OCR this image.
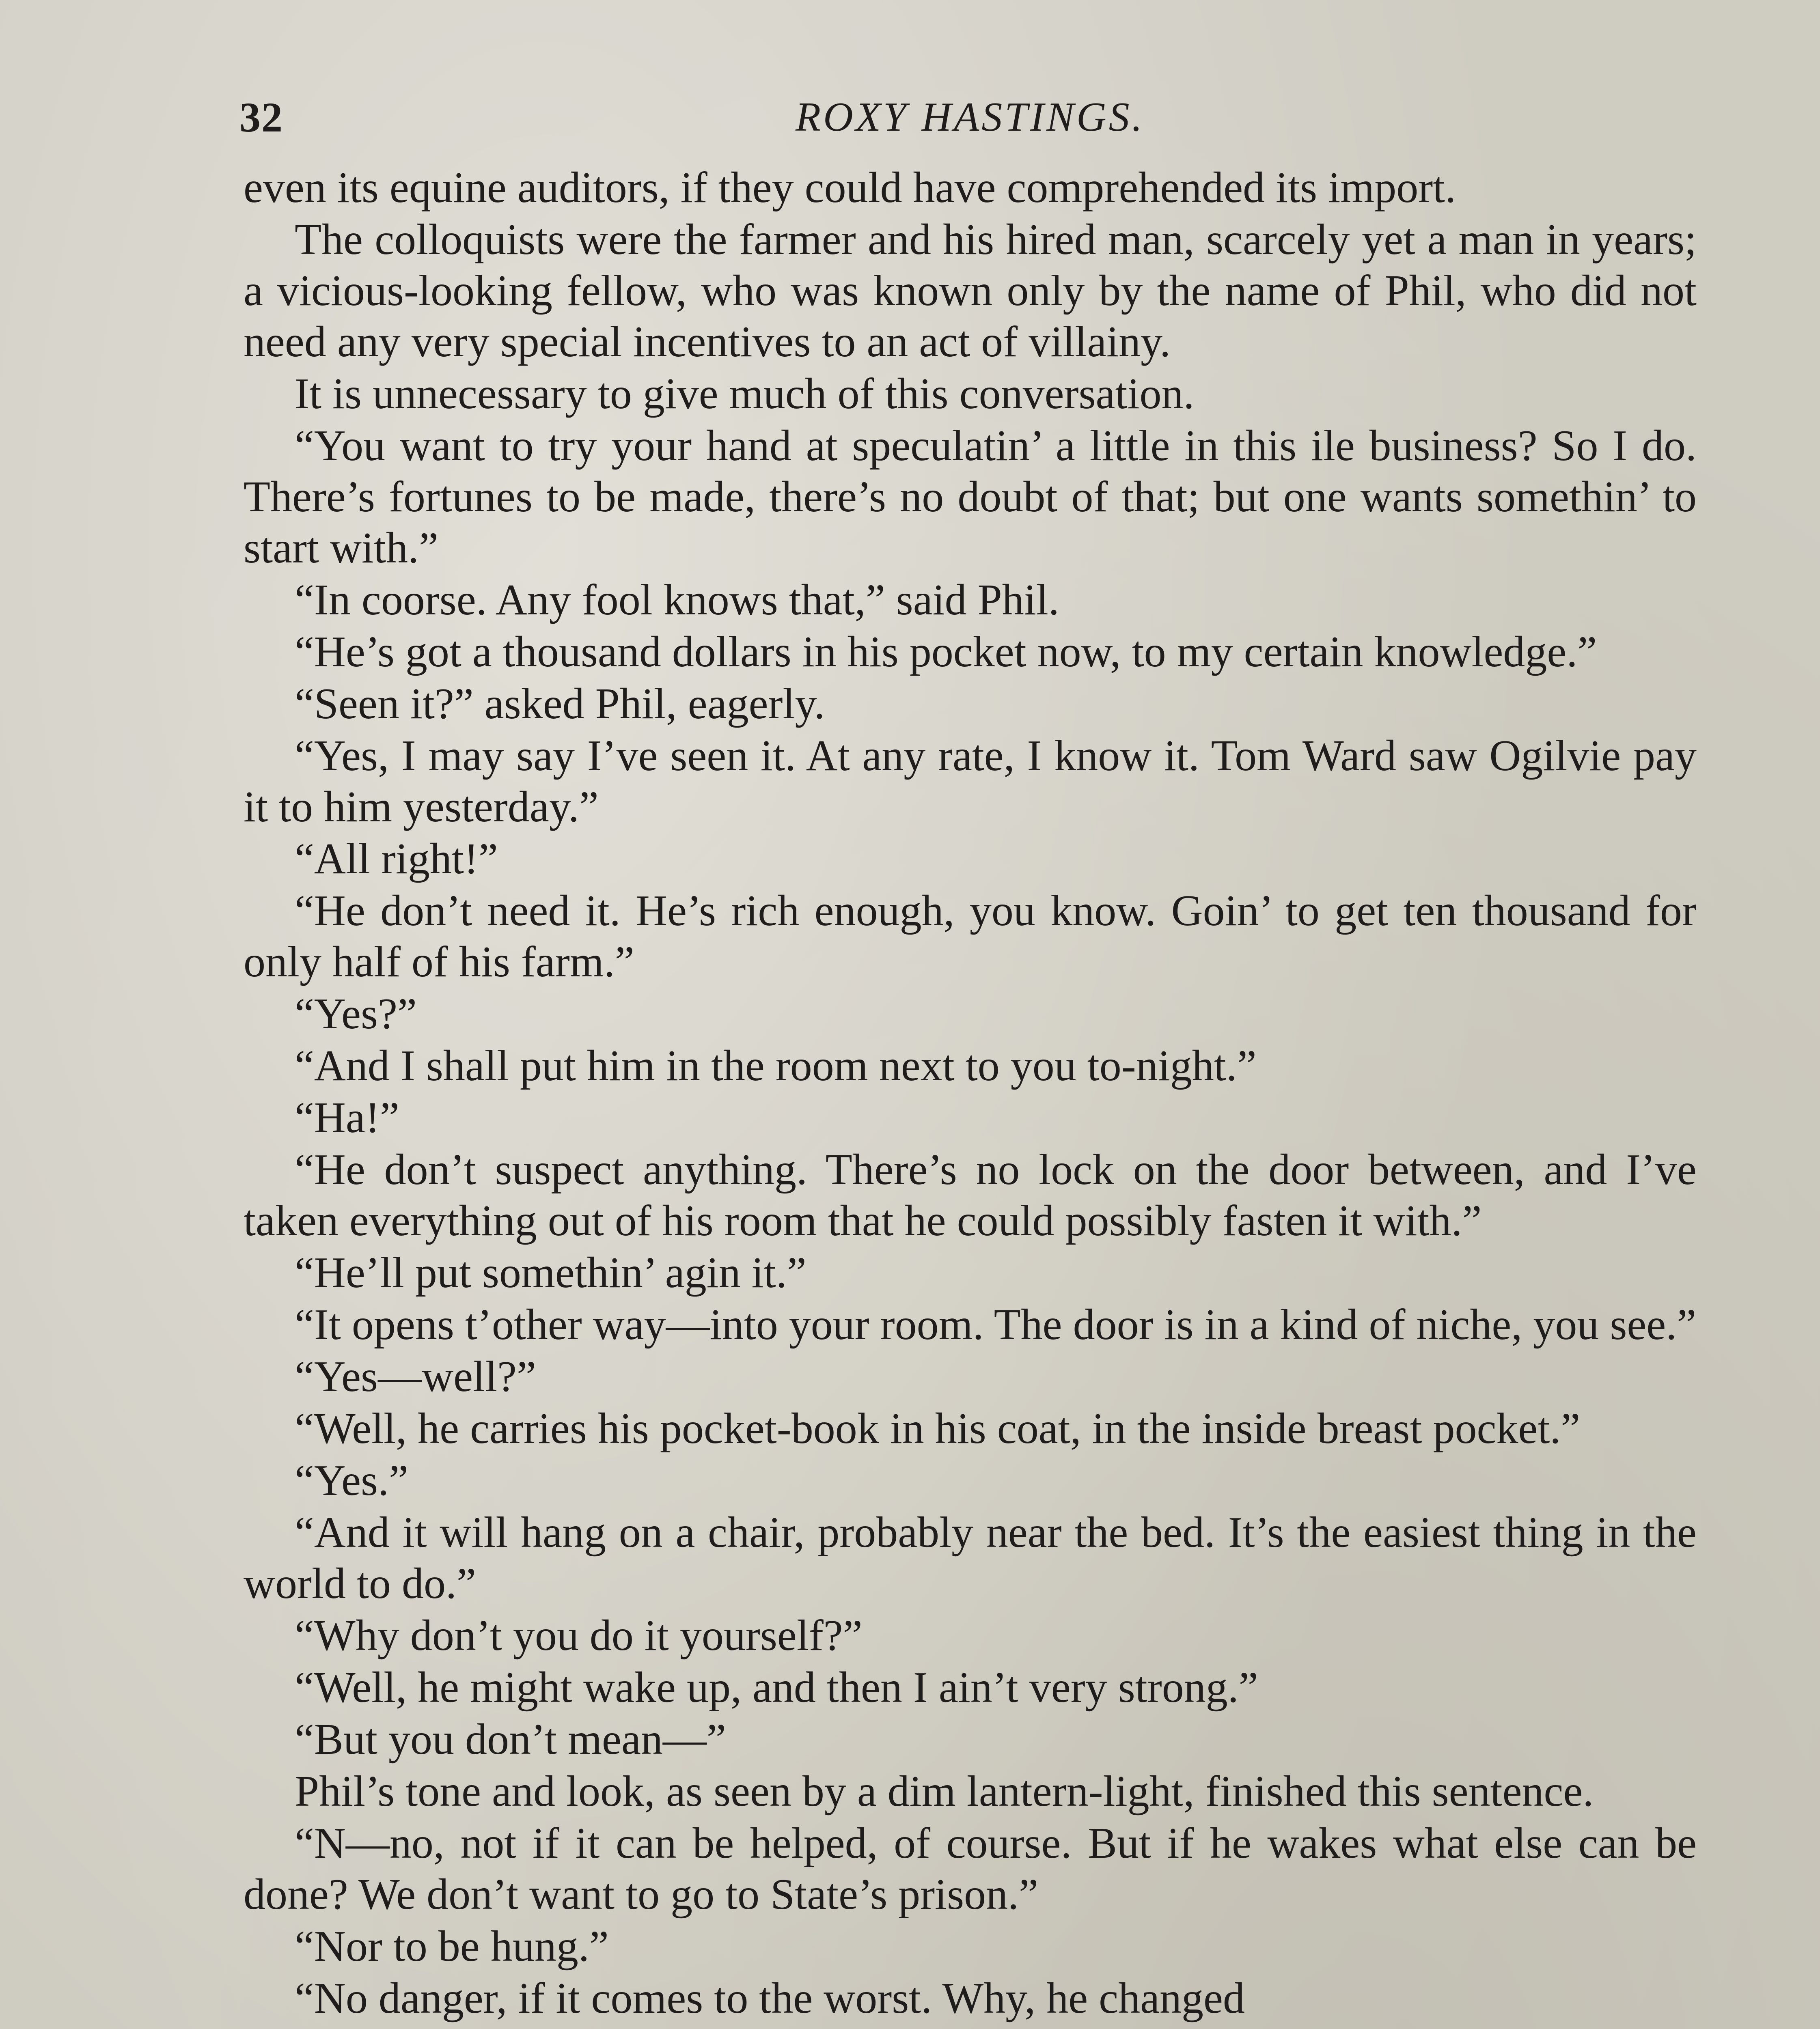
32	ROXY HASTINGS.

even its equine auditors, if they could have comprehended its import.

The colloquists were the farmer and his hired man, scarcely yet a man in years; a vicious-looking fellow, who was known only by the name of Phil, who did not need any very special incentives to an act of villainy.

It is unnecessary to give much of this conversation.

“You want to try your hand at speculatin’ a little in this ile business? So I do. There’s fortunes to be made, there’s no doubt of that; but one wants somethin’ to start with.”

“In coorse. Any fool knows that,” said Phil.

“He’s got a thousand dollars in his pocket now, to my certain knowledge.”

“Seen it?” asked Phil, eagerly.

“Yes, I may say I’ve seen it. At any rate, I know it. Tom Ward saw Ogilvie pay it to him yesterday.”

“All right!”

“He don’t need it. He’s rich enough, you know. Goin’ to get ten thousand for only half of his farm.”

“Yes?”

“And I shall put him in the room next to you to-night.”

“Ha!”

“He don’t suspect anything. There’s no lock on the door between, and I’ve taken everything out of his room that he could possibly fasten it with.”

“He’ll put somethin’ agin it.”

“It opens t’other way—into your room. The door is in a kind of niche, you see.”

“Yes—well?”

“Well, he carries his pocket-book in his coat, in the inside breast pocket.”

“Yes.”

“And it will hang on a chair, probably near the bed. It’s the easiest thing in the world to do.”

“Why don’t you do it yourself?”

“Well, he might wake up, and then I ain’t very strong.”

“But you don’t mean—”

Phil’s tone and look, as seen by a dim lantern-light, finished this sentence.

“N—no, not if it can be helped, of course. But if he wakes what else can be done? We don’t want to go to State’s prison.”

“Nor to be hung.”

“No danger, if it comes to the worst. Why, he changed
